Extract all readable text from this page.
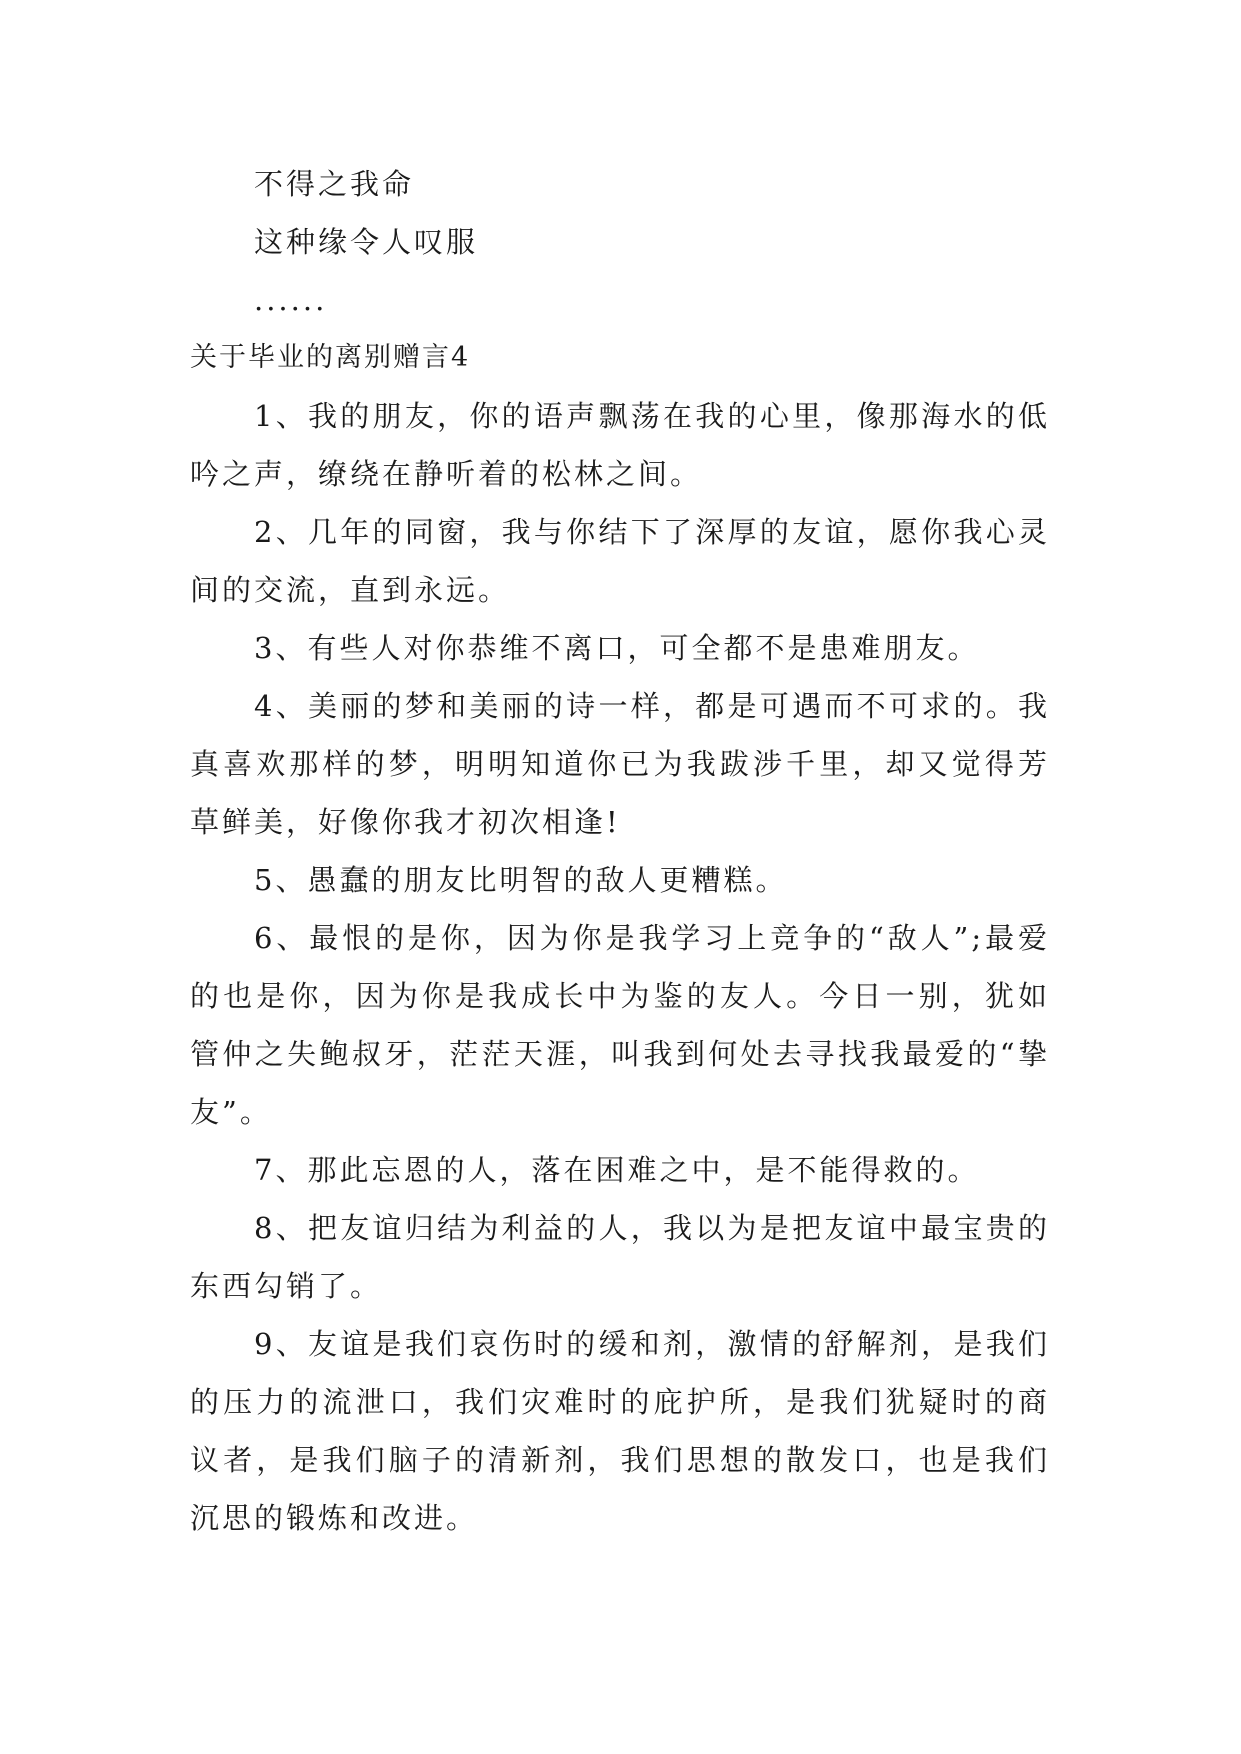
不得之我命

这种缘令人叹服

......

关于毕业的离别赠言4

1、我的朋友，你的语声飘荡在我的心里，像那海水的低吟之声，缭绕在静听着的松林之间。

2、几年的同窗，我与你结下了深厚的友谊，愿你我心灵间的交流，直到永远。

3、有些人对你恭维不离口，可全都不是患难朋友。

4、美丽的梦和美丽的诗一样，都是可遇而不可求的。我真喜欢那样的梦，明明知道你已为我跋涉千里，却又觉得芳草鲜美，好像你我才初次相逢!

5、愚蠢的朋友比明智的敌人更糟糕。

6、最恨的是你，因为你是我学习上竞争的“敌人”;最爱的也是你，因为你是我成长中为鉴的友人。今日一别，犹如管仲之失鲍叔牙，茫茫天涯，叫我到何处去寻找我最爱的“挚友”。

7、那此忘恩的人，落在困难之中，是不能得救的。

8、把友谊归结为利益的人，我以为是把友谊中最宝贵的东西勾销了。

9、友谊是我们哀伤时的缓和剂，激情的舒解剂，是我们的压力的流泄口，我们灾难时的庇护所，是我们犹疑时的商议者，是我们脑子的清新剂，我们思想的散发口，也是我们沉思的锻炼和改进。
